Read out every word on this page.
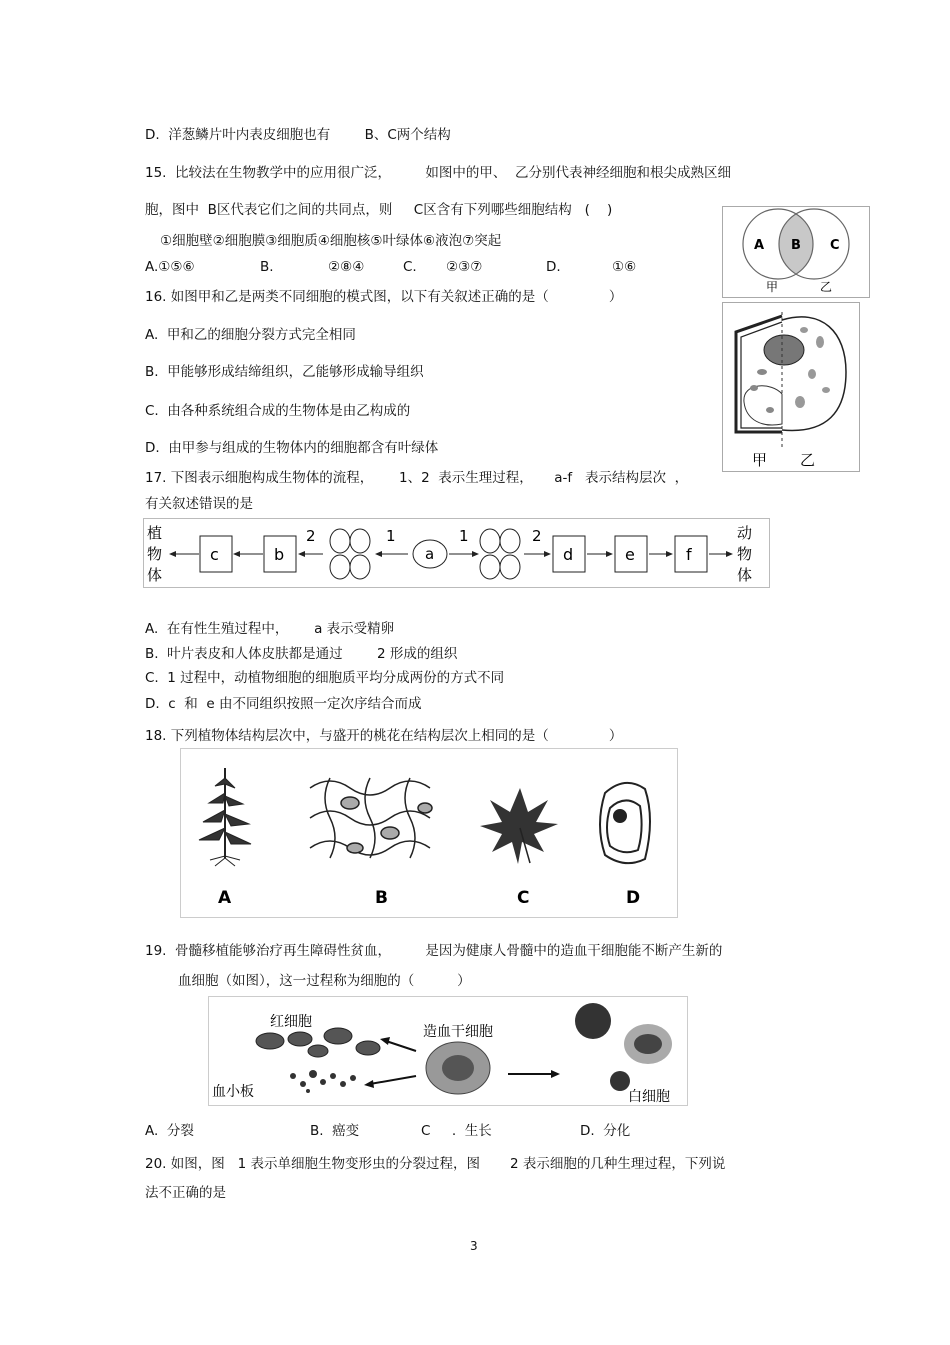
D.  洋葱鳞片叶内表皮细胞也有        B、C两个结构
15.  比较法在生物教学中的应用很广泛，        如图中的甲、  乙分别代表神经细胞和根尖成熟区细
胞，图中  B区代表它们之间的共同点，则     C区含有下列哪些细胞结构   (    )
①细胞壁②细胞膜③细胞质④细胞核⑤叶绿体⑥液泡⑦突起
A.①⑤⑥	B.	②⑧④	C. ②③⑦	D.	①⑥
A B C
甲	乙
16. 如图甲和乙是两类不同细胞的模式图，以下有关叙述正确的是（              ）
A.  甲和乙的细胞分裂方式完全相同
B.  甲能够形成结缔组织，乙能够形成输导组织
C.  由各种系统组合成的生物体是由乙构成的
D.  由甲参与组成的生物体内的细胞都含有叶绿体
甲 乙
17. 下图表示细胞构成生物体的流程，      1、2  表示生理过程，     a-f   表示结构层次  ，
有关叙述错误的是
植
物
体
动
物
体
c	b
2	1
a
1	2
d	e	f
A.  在有性生殖过程中，      a 表示受精卵
B.  叶片表皮和人体皮肤都是通过        2 形成的组织
C.  1 过程中，动植物细胞的细胞质平均分成两份的方式不同
D.  c  和  e 由不同组织按照一定次序结合而成
18. 下列植物体结构层次中，与盛开的桃花在结构层次上相同的是（              ）
A	B	C	D
19.  骨髓移植能够治疗再生障碍性贫血，        是因为健康人骨髓中的造血干细胞能不断产生新的
血细胞（如图），这一过程称为细胞的（          ）
红细胞
造血干细胞
血小板	白细胞
A.  分裂	B.  癌变	C     .  生长	D.  分化
20. 如图，图   1 表示单细胞生物变形虫的分裂过程，图       2 表示细胞的几种生理过程，下列说
法不正确的是
3
